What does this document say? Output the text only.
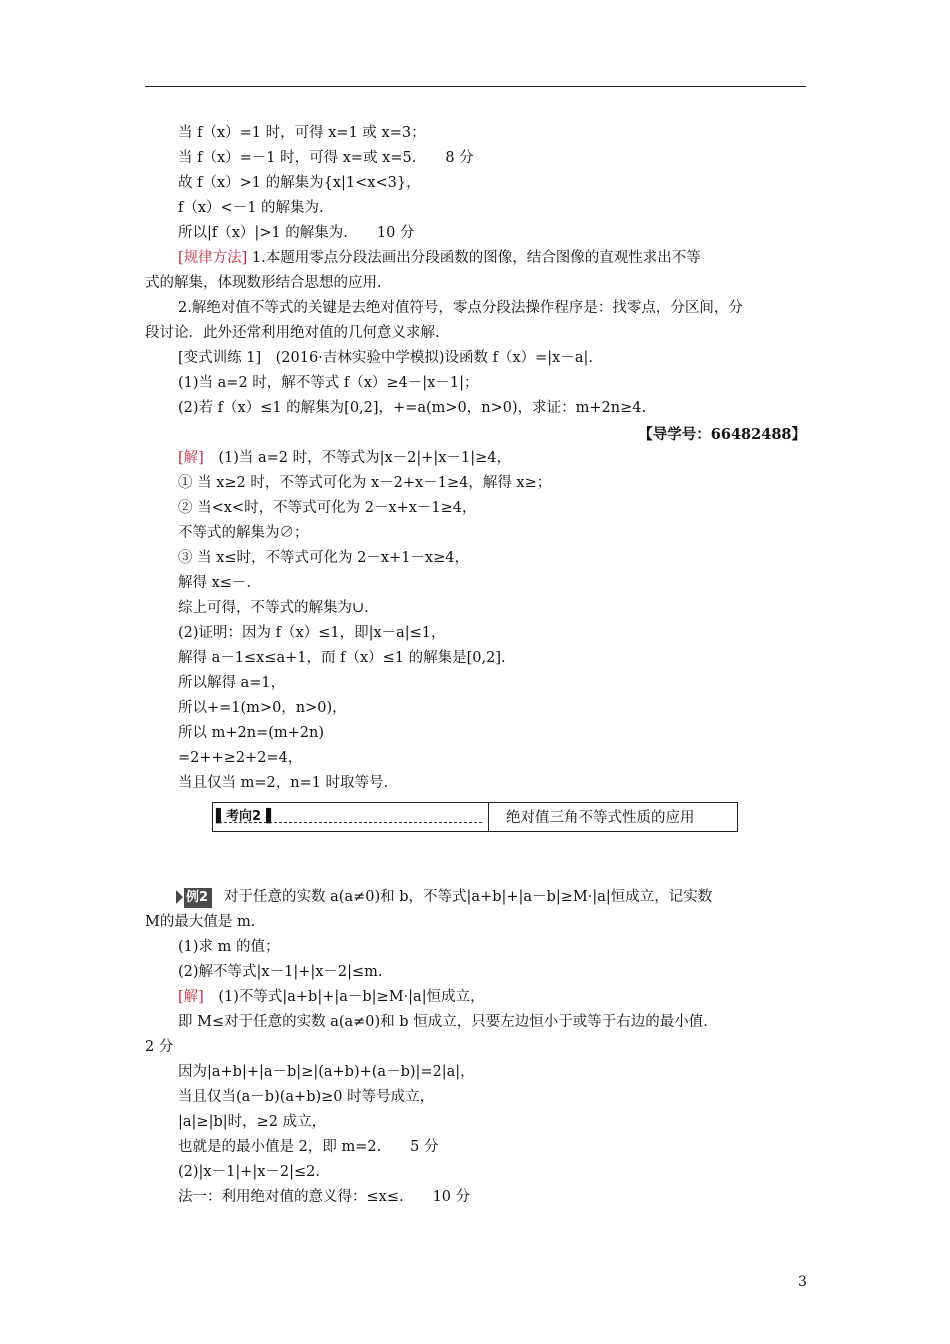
当 f（x）=1 时，可得 x=1 或 x=3；
当 f（x）=－1 时，可得 x=或 x=5.　　8 分
故 f（x）>1 的解集为{x|1<x<3}，
f（x）<－1 的解集为.
所以|f（x）|>1 的解集为.　　10 分
[规律方法] 1.本题用零点分段法画出分段函数的图像，结合图像的直观性求出不等
式的解集，体现数形结合思想的应用.
2.解绝对值不等式的关键是去绝对值符号，零点分段法操作程序是：找零点，分区间，分
段讨论．此外还常利用绝对值的几何意义求解.
[变式训练 1]　(2016·吉林实验中学模拟)设函数 f（x）=|x－a|.
(1)当 a=2 时，解不等式 f（x）≥4－|x－1|；
(2)若 f（x）≤1 的解集为[0,2]，+=a(m>0，n>0)，求证：m+2n≥4.
[解]　(1)当 a=2 时，不等式为|x－2|+|x－1|≥4，
① 当 x≥2 时，不等式可化为 x－2+x－1≥4，解得 x≥；
② 当<x<时，不等式可化为 2－x+x－1≥4，
不等式的解集为∅；
③ 当 x≤时，不等式可化为 2－x+1－x≥4，
解得 x≤－.
综上可得，不等式的解集为∪.
(2)证明：因为 f（x）≤1，即|x－a|≤1，
解得 a－1≤x≤a+1，而 f（x）≤1 的解集是[0,2].
所以解得 a=1，
所以+=1(m>0，n>0)，
所以 m+2n=(m+2n)
=2++≥2+2=4，
当且仅当 m=2，n=1 时取等号.
M的最大值是 m.
(1)求 m 的值；
(2)解不等式|x－1|+|x－2|≤m.
[解]　(1)不等式|a+b|+|a－b|≥M·|a|恒成立，
即 M≤对于任意的实数 a(a≠0)和 b 恒成立，只要左边恒小于或等于右边的最小值.
2 分
因为|a+b|+|a－b|≥|(a+b)+(a－b)|=2|a|，
当且仅当(a－b)(a+b)≥0 时等号成立，
|a|≥|b|时，≥2 成立，
也就是的最小值是 2，即 m=2.　　5 分
(2)|x－1|+|x－2|≤2.
法一：利用绝对值的意义得：≤x≤.　　10 分
【导学号：66482488】
▌考向2▐	绝对值三角不等式性质的应用
例2 对于任意的实数 a(a≠0)和 b，不等式|a+b|+|a－b|≥M·|a|恒成立，记实数
3
